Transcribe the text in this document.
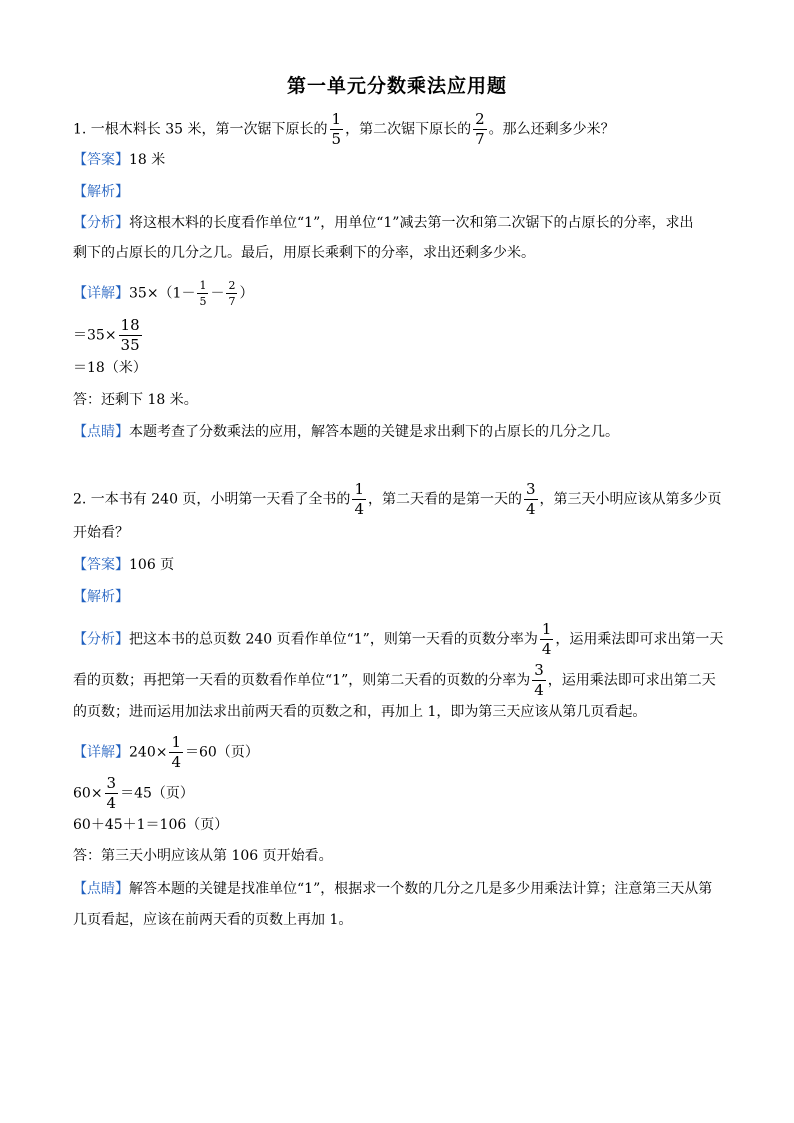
第一单元分数乘法应用题
1. 一根木料长 35 米，第一次锯下原长的 $\frac{1}{5}$ ，第二次锯下原长的 $\frac{2}{7}$ 。那么还剩多少米？
【答案】18 米
【解析】
【分析】将这根木料的长度看作单位“1”，用单位“1”减去第一次和第二次锯下的占原长的分率，求出
剩下的占原长的几分之几。最后，用原长乘剩下的分率，求出还剩多少米。
【详解】$35\times(1- \frac{1}{5} - \frac{2}{7}$ ）
$=35\times \frac{18}{35}$
＝18（米）
答：还剩下 18 米。
【点睛】本题考查了分数乘法的应用，解答本题的关键是求出剩下的占原长的几分之几。
2. 一本书有 240 页，小明第一天看了全书的 $\frac{1}{4}$ ，第二天看的是第一天的 $\frac{3}{4}$ ，第三天小明应该从第多少页
开始看？
【答案】106 页
【解析】
【分析】把这本书的总页数 240 页看作单位“1”，则第一天看的页数分率为 $\frac{1}{4}$ ，运用乘法即可求出第一天
看的页数；再把第一天看的页数看作单位“1”，则第二天看的页数的分率为 $\frac{3}{4}$ ，运用乘法即可求出第二天
的页数；进而运用加法求出前两天看的页数之和，再加上 1，即为第三天应该从第几页看起。
【详解】$240\times \frac{1}{4} =60$（页）
$60\times \frac{3}{4} =45$（页）
60＋45＋1＝106（页）
答：第三天小明应该从第 106 页开始看。
【点睛】解答本题的关键是找准单位“1”，根据求一个数的几分之几是多少用乘法计算；注意第三天从第
几页看起，应该在前两天看的页数上再加 1。
